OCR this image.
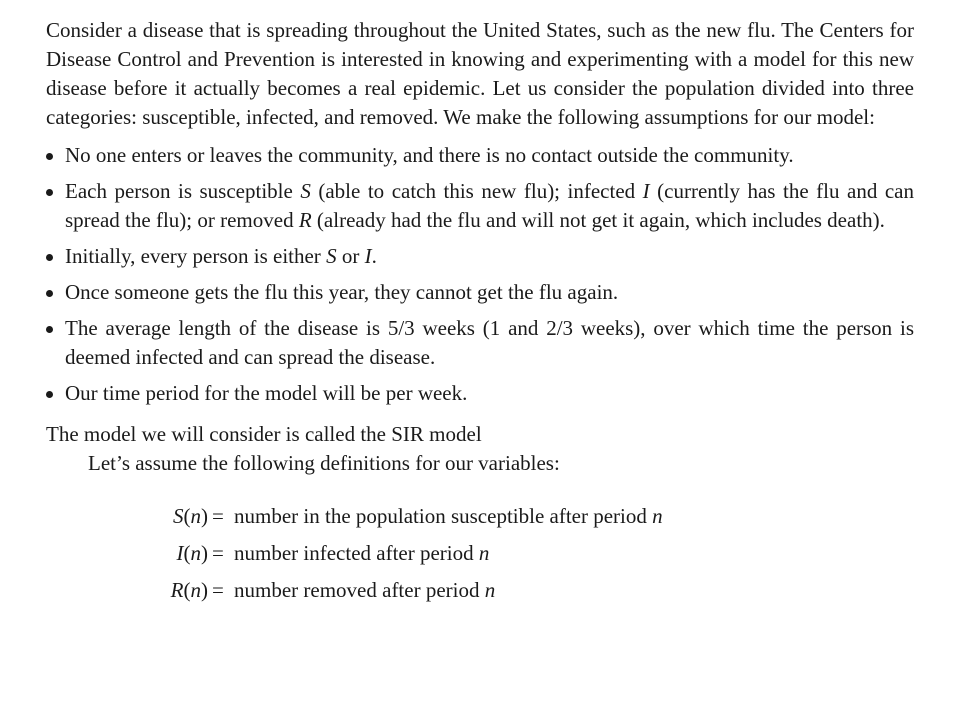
Consider a disease that is spreading throughout the United States, such as the new flu. The Centers for Disease Control and Prevention is interested in knowing and experimenting with a model for this new disease before it actually becomes a real epidemic. Let us consider the population divided into three categories: susceptible, infected, and removed. We make the following assumptions for our model:

No one enters or leaves the community, and there is no contact outside the community.
Each person is susceptible S (able to catch this new flu); infected I (currently has the flu and can spread the flu); or removed R (already had the flu and will not get it again, which includes death).
Initially, every person is either S or I.
Once someone gets the flu this year, they cannot get the flu again.
The average length of the disease is 5/3 weeks (1 and 2/3 weeks), over which time the person is deemed infected and can spread the disease.
Our time period for the model will be per week.

The model we will consider is called the SIR model

Let’s assume the following definitions for our variables:

S(n) = number in the population susceptible after period n
I(n) = number infected after period n
R(n) = number removed after period n
